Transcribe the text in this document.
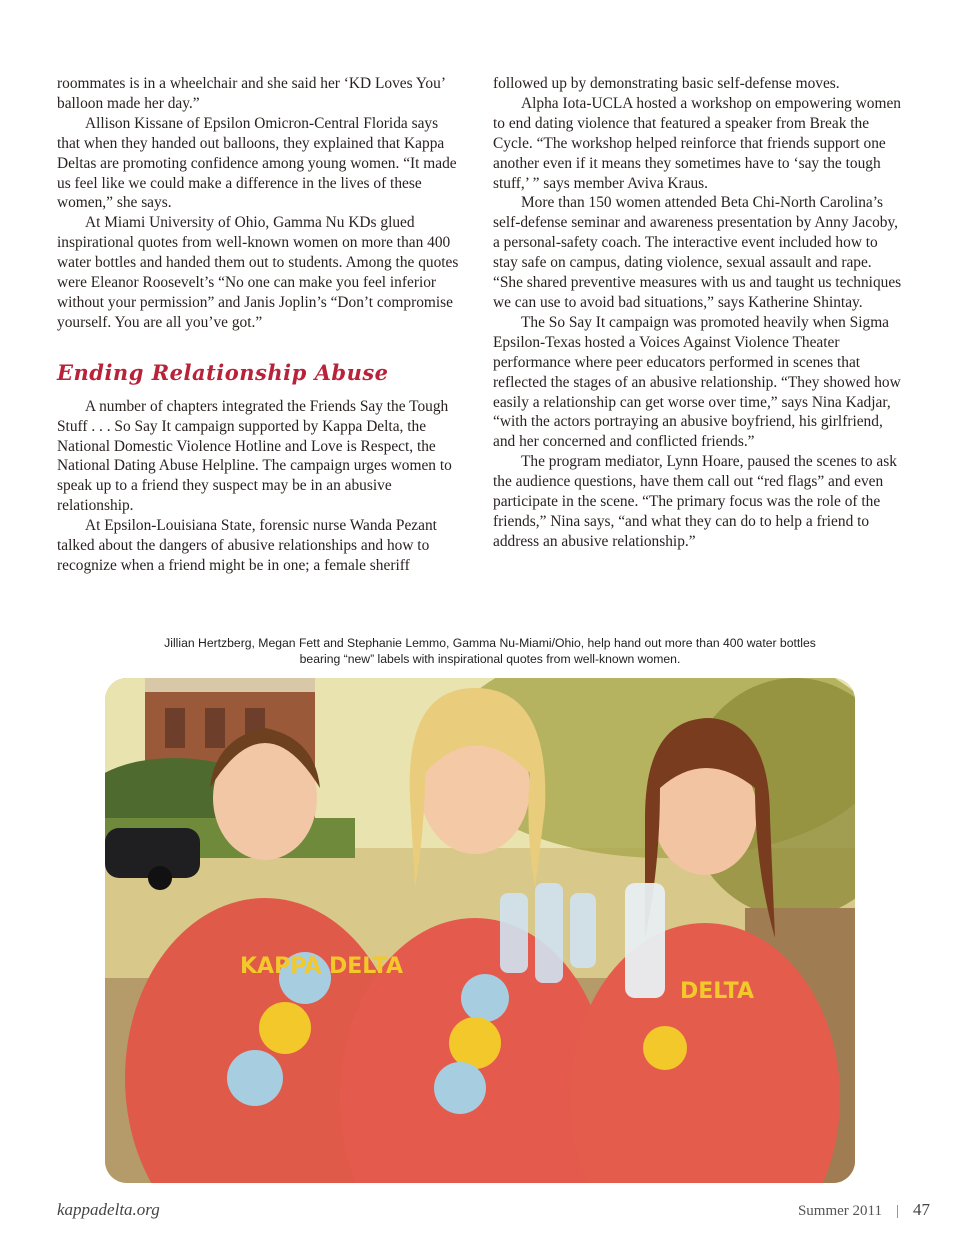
roommates is in a wheelchair and she said her ‘KD Loves You’ balloon made her day.”

Allison Kissane of Epsilon Omicron-Central Florida says that when they handed out balloons, they explained that Kappa Deltas are promoting confidence among young women. “It made us feel like we could make a difference in the lives of these women,” she says.

At Miami University of Ohio, Gamma Nu KDs glued inspirational quotes from well-known women on more than 400 water bottles and handed them out to students. Among the quotes were Eleanor Roosevelt’s “No one can make you feel inferior without your permission” and Janis Joplin’s “Don’t compromise yourself. You are all you’ve got.”

Ending Relationship Abuse

A number of chapters integrated the Friends Say the Tough Stuff . . . So Say It campaign supported by Kappa Delta, the National Domestic Violence Hotline and Love is Respect, the National Dating Abuse Helpline. The campaign urges women to speak up to a friend they suspect may be in an abusive relationship.

At Epsilon-Louisiana State, forensic nurse Wanda Pezant talked about the dangers of abusive relationships and how to recognize when a friend might be in one; a female sheriff

followed up by demonstrating basic self-defense moves.

Alpha Iota-UCLA hosted a workshop on empowering women to end dating violence that featured a speaker from Break the Cycle. “The workshop helped reinforce that friends support one another even if it means they sometimes have to ‘say the tough stuff,’ ” says member Aviva Kraus.

More than 150 women attended Beta Chi-North Carolina’s self-defense seminar and awareness presentation by Anny Jacoby, a personal-safety coach. The interactive event included how to stay safe on campus, dating violence, sexual assault and rape. “She shared preventive measures with us and taught us techniques we can use to avoid bad situations,” says Katherine Shintay.

The So Say It campaign was promoted heavily when Sigma Epsilon-Texas hosted a Voices Against Violence Theater performance where peer educators performed in scenes that reflected the stages of an abusive relationship. “They showed how easily a relationship can get worse over time,” says Nina Kadjar, “with the actors portraying an abusive boyfriend, his girlfriend, and her concerned and conflicted friends.”

The program mediator, Lynn Hoare, paused the scenes to ask the audience questions, have them call out “red flags” and even participate in the scene. “The primary focus was the role of the friends,” Nina says, “and what they can do to help a friend to address an abusive relationship.”

Jillian Hertzberg, Megan Fett and Stephanie Lemmo, Gamma Nu-Miami/Ohio, help hand out more than 400 water bottles bearing “new” labels with inspirational quotes from well-known women.
KAPPA DELTA
DELTA
kappadelta.org	Summer 2011 | 47
